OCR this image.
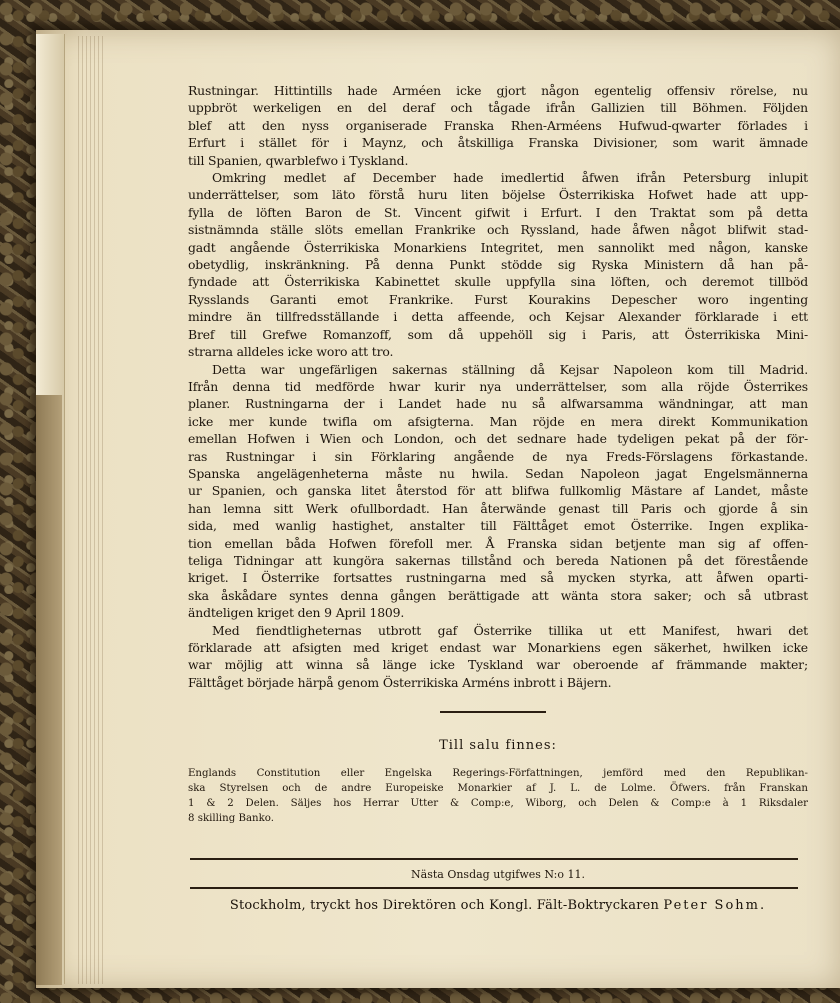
Rustningar. Hittintills hade Arméen icke gjort någon egentelig offensiv rörelse, nu
uppbröt werkeligen en del deraf och tågade ifrån Gallizien till Böhmen. Följden
blef att den nyss organiserade Franska Rhen-Arméens Hufwud-qwarter förlades i
Erfurt i stället för i Maynz, och åtskilliga Franska Divisioner, som warit ämnade
till Spanien, qwarblefwo i Tyskland.
Omkring medlet af December hade imedlertid åfwen ifrån Petersburg inlupit
underrättelser, som läto förstå huru liten böjelse Österrikiska Hofwet hade att upp-
fylla de löften Baron de St. Vincent gifwit i Erfurt. I den Traktat som på detta
sistnämnda ställe slöts emellan Frankrike och Ryssland, hade åfwen något blifwit stad-
gadt angående Österrikiska Monarkiens Integritet, men sannolikt med någon, kanske
obetydlig, inskränkning. På denna Punkt stödde sig Ryska Ministern då han på-
fyndade att Österrikiska Kabinettet skulle uppfylla sina löften, och deremot tillböd
Rysslands Garanti emot Frankrike. Furst Kourakins Depescher woro ingenting
mindre än tillfredsställande i detta affeende, och Kejsar Alexander förklarade i ett
Bref till Grefwe Romanzoff, som då uppehöll sig i Paris, att Österrikiska Mini-
strarna alldeles icke woro att tro.
Detta war ungefärligen sakernas ställning då Kejsar Napoleon kom till Madrid.
Ifrån denna tid medförde hwar kurir nya underrättelser, som alla röjde Österrikes
planer. Rustningarna der i Landet hade nu så alfwarsamma wändningar, att man
icke mer kunde twifla om afsigterna. Man röjde en mera direkt Kommunikation
emellan Hofwen i Wien och London, och det sednare hade tydeligen pekat på der för-
ras Rustningar i sin Förklaring angående de nya Freds-Förslagens förkastande.
Spanska angelägenheterna måste nu hwila. Sedan Napoleon jagat Engelsmännerna
ur Spanien, och ganska litet återstod för att blifwa fullkomlig Mästare af Landet, måste
han lemna sitt Werk ofullbordadt. Han återwände genast till Paris och gjorde å sin
sida, med wanlig hastighet, anstalter till Fälttåget emot Österrike. Ingen explika-
tion emellan båda Hofwen förefoll mer. Å Franska sidan betjente man sig af offen-
teliga Tidningar att kungöra sakernas tillstånd och bereda Nationen på det förestående
kriget. I Österrike fortsattes rustningarna med så mycken styrka, att åfwen oparti-
ska åskådare syntes denna gången berättigade att wänta stora saker; och så utbrast
ändteligen kriget den 9 April 1809.
Med fiendtligheternas utbrott gaf Österrike tillika ut ett Manifest, hwari det
förklarade att afsigten med kriget endast war Monarkiens egen säkerhet, hwilken icke
war möjlig att winna så länge icke Tyskland war oberoende af främmande makter;
Fälttåget började härpå genom Österrikiska Arméns inbrott i Bäjern.
Till salu finnes:
Englands Constitution eller Engelska Regerings-Författningen, jemförd med den Republikan-
ska Styrelsen och de andre Europeiske Monarkier af J. L. de Lolme. Öfwers. från Franskan
1 & 2 Delen. Säljes hos Herrar Utter & Comp:e, Wiborg, och Delen & Comp:e à 1 Riksdaler
8 skilling Banko.
Nästa Onsdag utgifwes N:o 11.
Stockholm, tryckt hos Direktören och Kongl. Fält-Boktryckaren Peter Sohm.
